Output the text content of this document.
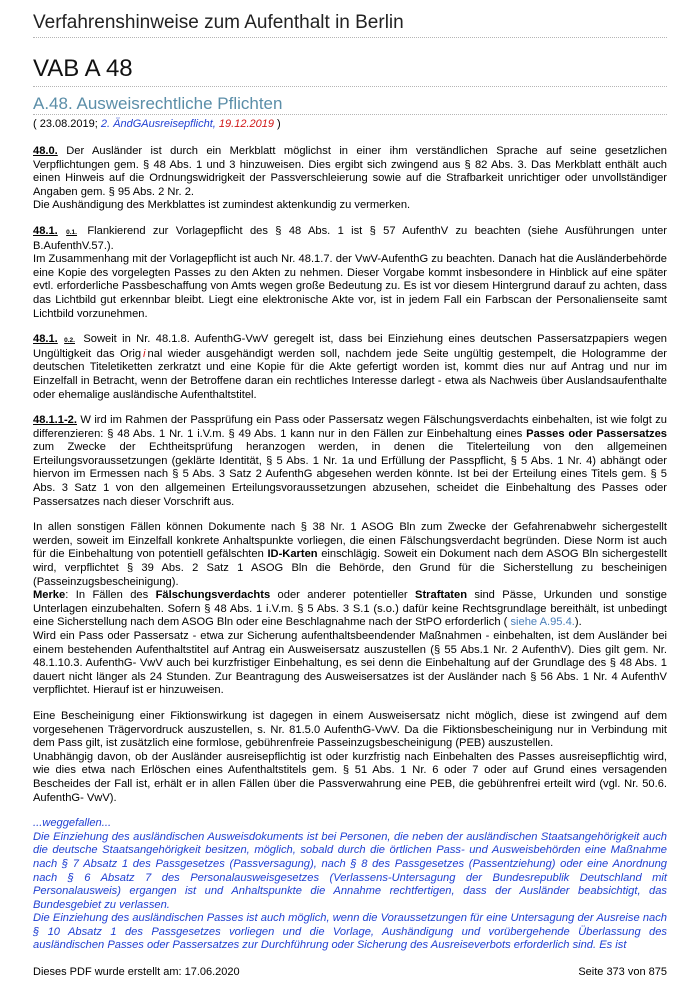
Verfahrenshinweise zum Aufenthalt in Berlin
VAB A 48
A.48. Ausweisrechtliche Pflichten
( 23.08.2019; 2. ÄndGAusreisepflicht, 19.12.2019 )

48.0. Der Ausländer ist durch ein Merkblatt möglichst in einer ihm verständlichen Sprache auf seine gesetzlichen Verpflichtungen gem. § 48 Abs. 1 und 3 hinzuweisen. Dies ergibt sich zwingend aus § 82 Abs. 3. Das Merkblatt enthält auch einen Hinweis auf die Ordnungswidrigkeit der Passverschleierung sowie auf die Strafbarkeit unrichtiger oder unvollständiger Angaben gem. § 95 Abs. 2 Nr. 2.

Die Aushändigung des Merkblattes ist zumindest aktenkundig zu vermerken.

48.1. 0.1. Flankierend zur Vorlagepflicht des § 48 Abs. 1 ist § 57 AufenthV zu beachten (siehe Ausführungen unter B.AufenthV.57.).

Im Zusammenhang mit der Vorlagepflicht ist auch Nr. 48.1.7. der VwV-AufenthG zu beachten. Danach hat die Ausländerbehörde eine Kopie des vorgelegten Passes zu den Akten zu nehmen. Dieser Vorgabe kommt insbesondere in Hinblick auf eine später evtl. erforderliche Passbeschaffung von Amts wegen große Bedeutung zu. Es ist vor diesem Hintergrund darauf zu achten, dass das Lichtbild gut erkennbar bleibt. Liegt eine elektronische Akte vor, ist in jedem Fall ein Farbscan der Personalienseite samt Lichtbild vorzunehmen.

48.1. 0.2. Soweit in Nr. 48.1.8. AufenthG-VwV geregelt ist, dass bei Einziehung eines deutschen Passersatzpapiers wegen Ungültigkeit das Orig i nal wieder ausgehändigt werden soll, nachdem jede Seite ungültig gestempelt, die Hologramme der deutschen Titeletiketten zerkratzt und eine Kopie für die Akte gefertigt worden ist, kommt dies nur auf Antrag und nur im Einzelfall in Betracht, wenn der Betroffene daran ein rechtliches Interesse darlegt - etwa als Nachweis über Auslandsaufenthalte oder ehemalige ausländische Aufenthaltstitel.

48.1.1-2. W ird im Rahmen der Passprüfung ein Pass oder Passersatz wegen Fälschungsverdachts einbehalten, ist wie folgt zu differenzieren: § 48 Abs. 1 Nr. 1 i.V.m. § 49 Abs. 1 kann nur in den Fällen zur Einbehaltung eines Passes oder Passersatzes zum Zwecke der Echtheitsprüfung heranzogen werden, in denen die Titelerteilung von den allgemeinen Erteilungsvoraussetzungen (geklärte Identität, § 5 Abs. 1 Nr. 1a und Erfüllung der Passpflicht, § 5 Abs. 1 Nr. 4) abhängt oder hiervon im Ermessen nach § 5 Abs. 3 Satz 2 AufenthG abgesehen werden könnte. Ist bei der Erteilung eines Titels gem. § 5 Abs. 3 Satz 1 von den allgemeinen Erteilungsvoraussetzungen abzusehen, scheidet die Einbehaltung des Passes oder Passersatzes nach dieser Vorschrift aus.

In allen sonstigen Fällen können Dokumente nach § 38 Nr. 1 ASOG Bln zum Zwecke der Gefahrenabwehr sichergestellt werden, soweit im Einzelfall konkrete Anhaltspunkte vorliegen, die einen Fälschungsverdacht begründen. Diese Norm ist auch für die Einbehaltung von potentiell gefälschten ID-Karten einschlägig. Soweit ein Dokument nach dem ASOG Bln sichergestellt wird, verpflichtet § 39 Abs. 2 Satz 1 ASOG Bln die Behörde, den Grund für die Sicherstellung zu bescheinigen (Passeinzugsbescheinigung).

Merke: In Fällen des Fälschungsverdachts oder anderer potentieller Straftaten sind Pässe, Urkunden und sonstige Unterlagen einzubehalten. Sofern § 48 Abs. 1 i.V.m. § 5 Abs. 3 S.1 (s.o.) dafür keine Rechtsgrundlage bereithält, ist unbedingt eine Sicherstellung nach dem ASOG Bln oder eine Beschlagnahme nach der StPO erforderlich ( siehe A.95.4.).

Wird ein Pass oder Passersatz - etwa zur Sicherung aufenthaltsbeendender Maßnahmen - einbehalten, ist dem Ausländer bei einem bestehenden Aufenthaltstitel auf Antrag ein Ausweisersatz auszustellen (§ 55 Abs.1 Nr. 2 AufenthV). Dies gilt gem. Nr. 48.1.10.3. AufenthG- VwV auch bei kurzfristiger Einbehaltung, es sei denn die Einbehaltung auf der Grundlage des § 48 Abs. 1 dauert nicht länger als 24 Stunden. Zur Beantragung des Ausweisersatzes ist der Ausländer nach § 56 Abs. 1 Nr. 4 AufenthV verpflichtet. Hierauf ist er hinzuweisen.

Eine Bescheinigung einer Fiktionswirkung ist dagegen in einem Ausweisersatz nicht möglich, diese ist zwingend auf dem vorgesehenen Trägervordruck auszustellen, s. Nr. 81.5.0 AufenthG-VwV. Da die Fiktionsbescheinigung nur in Verbindung mit dem Pass gilt, ist zusätzlich eine formlose, gebührenfreie Passeinzugsbescheinigung (PEB) auszustellen.

Unabhängig davon, ob der Ausländer ausreisepflichtig ist oder kurzfristig nach Einbehalten des Passes ausreisepflichtig wird, wie dies etwa nach Erlöschen eines Aufenthaltstitels gem. § 51 Abs. 1 Nr. 6 oder 7 oder auf Grund eines versagenden Bescheides der Fall ist, erhält er in allen Fällen über die Passverwahrung eine PEB, die gebührenfrei erteilt wird (vgl. Nr. 50.6. AufenthG- VwV).

...weggefallen...

Die Einziehung des ausländischen Ausweisdokuments ist bei Personen, die neben der ausländischen Staatsangehörigkeit auch die deutsche Staatsangehörigkeit besitzen, möglich, sobald durch die örtlichen Pass- und Ausweisbehörden eine Maßnahme nach § 7 Absatz 1 des Passgesetzes (Passversagung), nach § 8 des Passgesetzes (Passentziehung) oder eine Anordnung nach § 6 Absatz 7 des Personalausweisgesetzes (Verlassens-Untersagung der Bundesrepublik Deutschland mit Personalausweis) ergangen ist und Anhaltspunkte die Annahme rechtfertigen, dass der Ausländer beabsichtigt, das Bundesgebiet zu verlassen.

Die Einziehung des ausländischen Passes ist auch möglich, wenn die Voraussetzungen für eine Untersagung der Ausreise nach § 10 Absatz 1 des Passgesetzes vorliegen und die Vorlage, Aushändigung und vorübergehende Überlassung des ausländischen Passes oder Passersatzes zur Durchführung oder Sicherung des Ausreiseverbots erforderlich sind. Es ist

Dieses PDF wurde erstellt am: 17.06.2020	Seite 373 von 875
